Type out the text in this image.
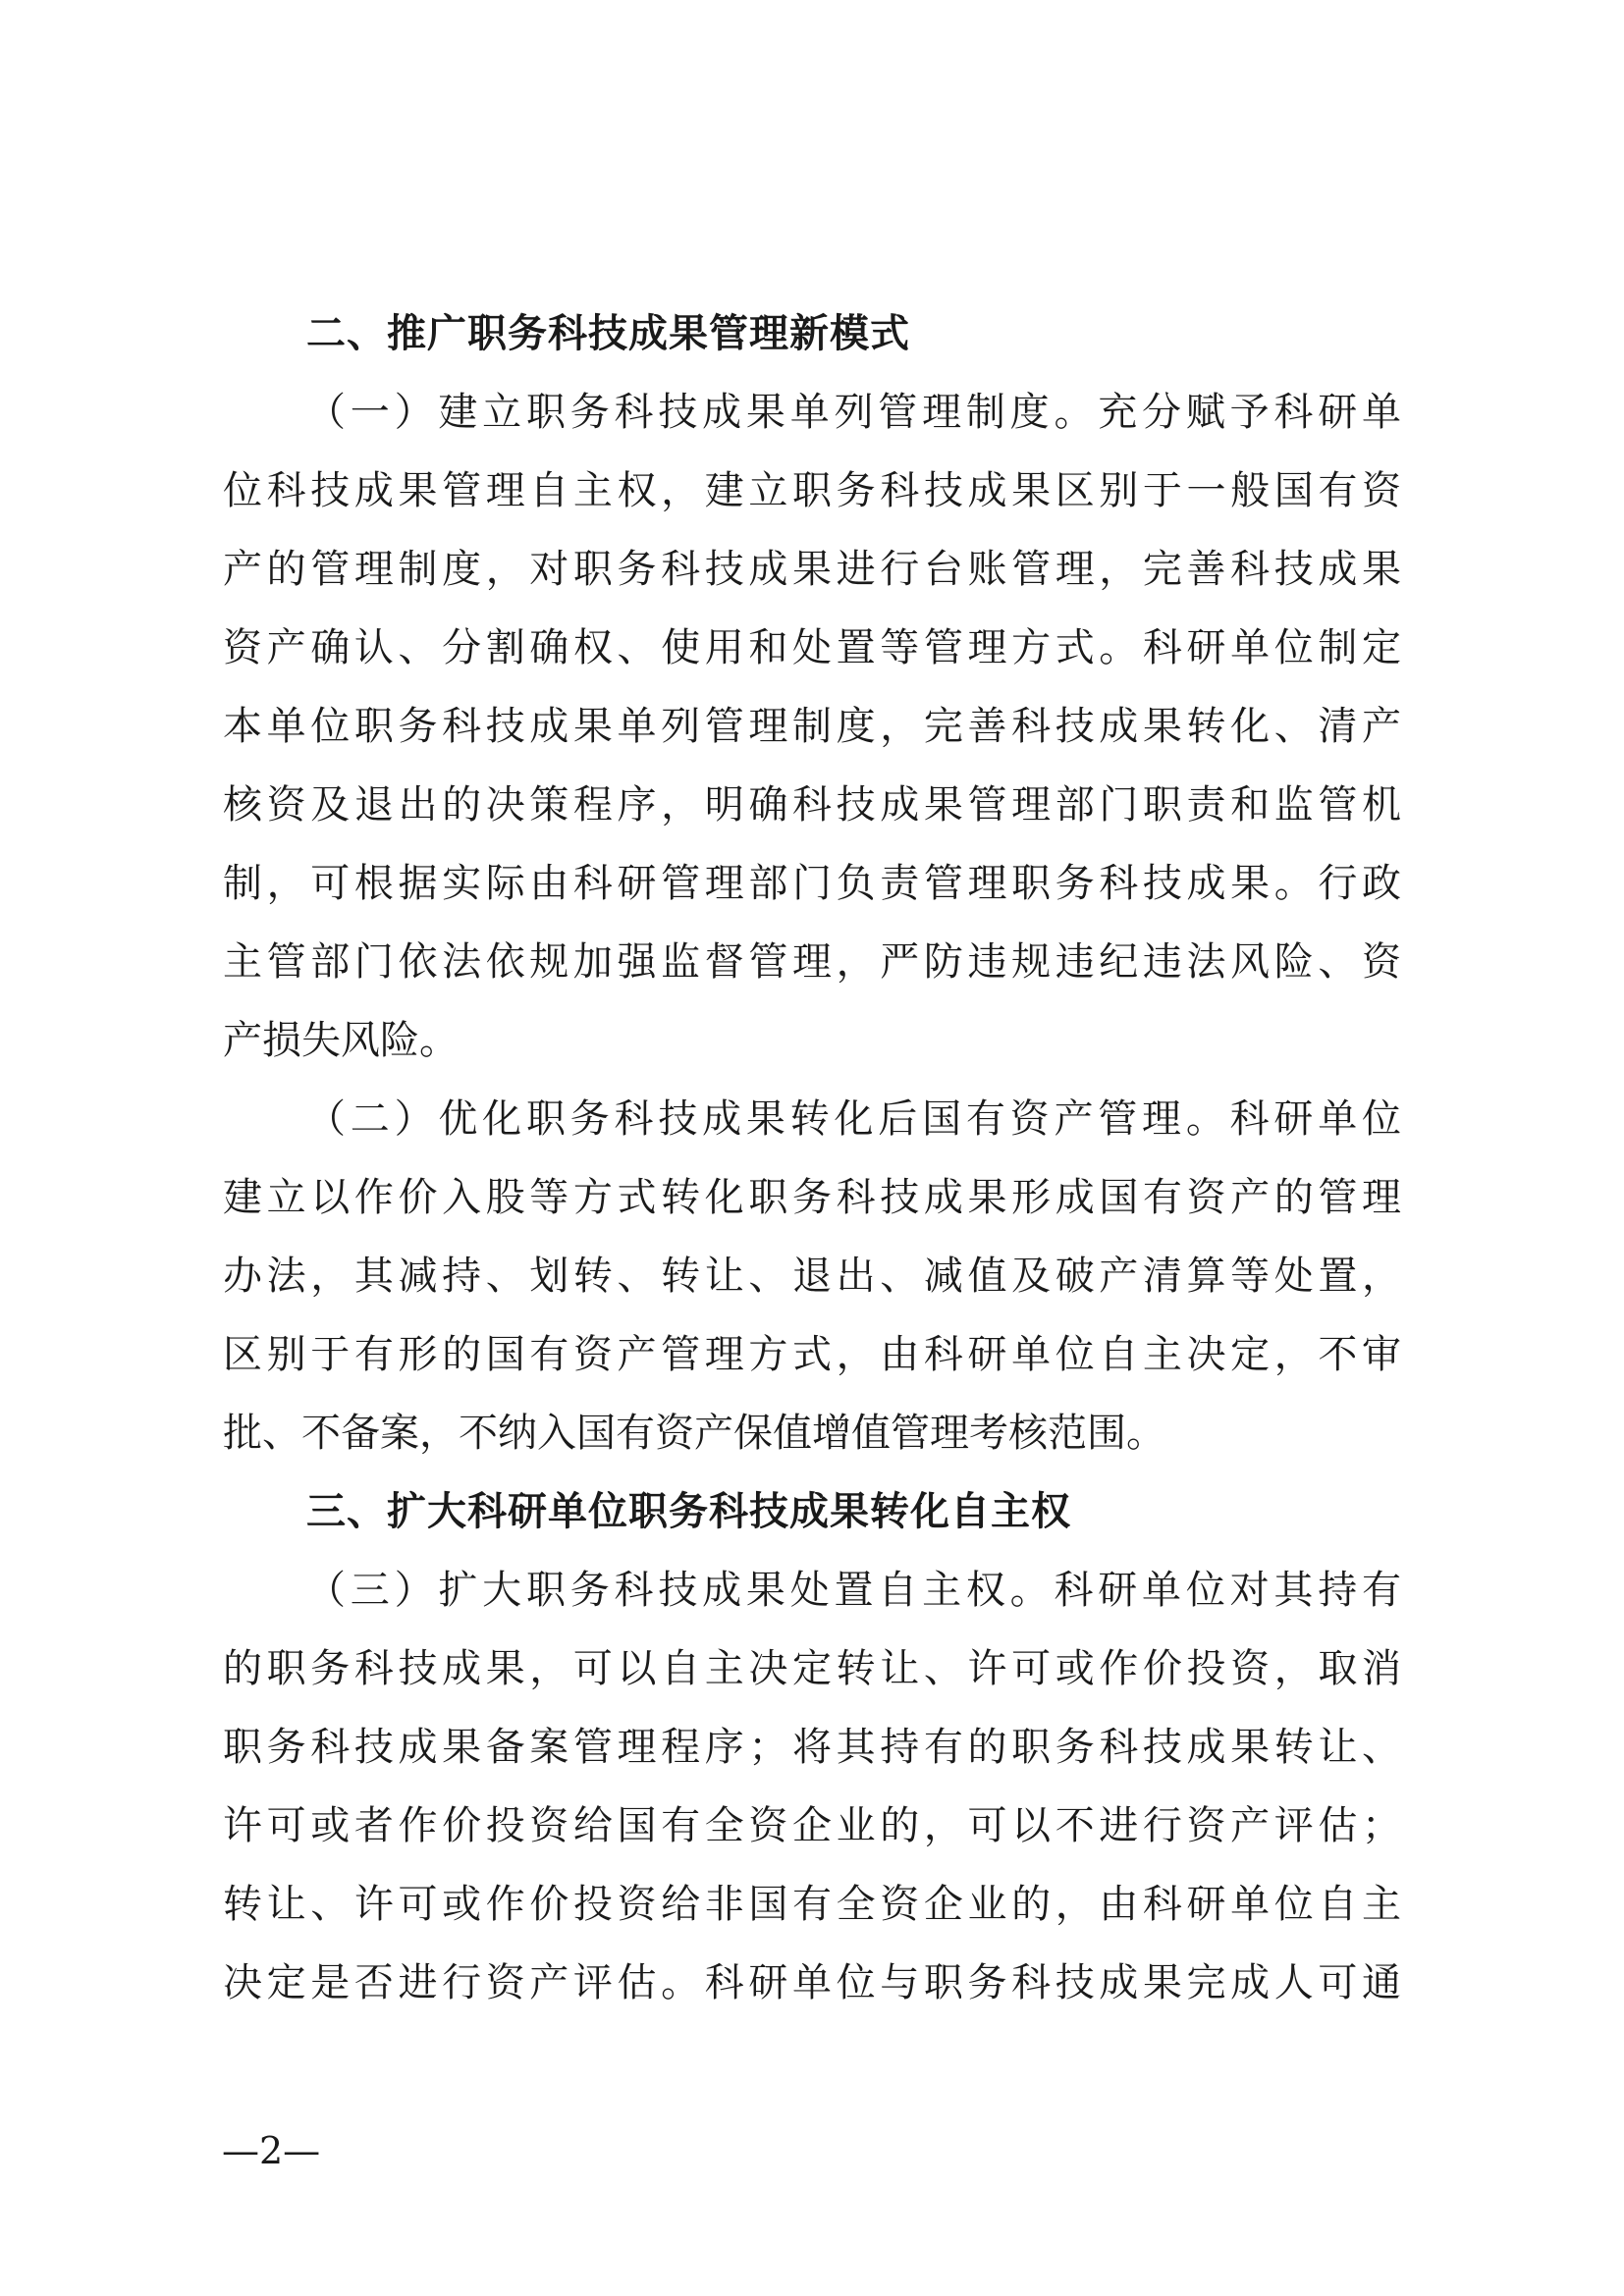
二、推广职务科技成果管理新模式
（一）建立职务科技成果单列管理制度。充分赋予科研单
位科技成果管理自主权，建立职务科技成果区别于一般国有资
产的管理制度，对职务科技成果进行台账管理，完善科技成果
资产确认、分割确权、使用和处置等管理方式。科研单位制定
本单位职务科技成果单列管理制度，完善科技成果转化、清产
核资及退出的决策程序，明确科技成果管理部门职责和监管机
制，可根据实际由科研管理部门负责管理职务科技成果。行政
主管部门依法依规加强监督管理，严防违规违纪违法风险、资
产损失风险。
（二）优化职务科技成果转化后国有资产管理。科研单位
建立以作价入股等方式转化职务科技成果形成国有资产的管理
办法，其减持、划转、转让、退出、减值及破产清算等处置，
区别于有形的国有资产管理方式，由科研单位自主决定，不审
批、不备案，不纳入国有资产保值增值管理考核范围。
三、扩大科研单位职务科技成果转化自主权
（三）扩大职务科技成果处置自主权。科研单位对其持有
的职务科技成果，可以自主决定转让、许可或作价投资，取消
职务科技成果备案管理程序；将其持有的职务科技成果转让、
许可或者作价投资给国有全资企业的，可以不进行资产评估；
转让、许可或作价投资给非国有全资企业的，由科研单位自主
决定是否进行资产评估。科研单位与职务科技成果完成人可通
—2—
